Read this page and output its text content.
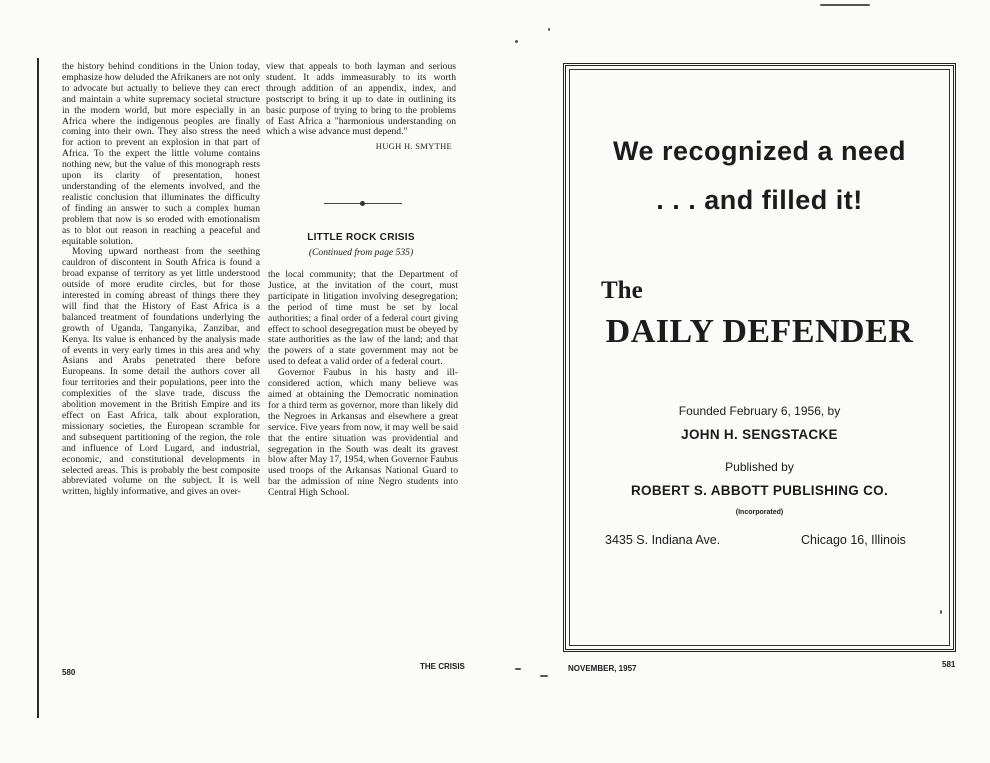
the history behind conditions in the Union today, emphasize how deluded the Afrikaners are not only to advocate but actually to believe they can erect and maintain a white supremacy societal structure in the modern world, but more especially in an Africa where the indigenous peoples are finally coming into their own. They also stress the need for action to prevent an explosion in that part of Africa. To the expert the little volume contains nothing new, but the value of this monograph rests upon its clarity of presentation, honest understanding of the elements involved, and the realistic conclusion that illuminates the difficulty of finding an answer to such a complex human problem that now is so eroded with emotionalism as to blot out reason in reaching a peaceful and equitable solution.

Moving upward northeast from the seething cauldron of discontent in South Africa is found a broad expanse of territory as yet little understood outside of more erudite circles, but for those interested in coming abreast of things there they will find that the History of East Africa is a balanced treatment of foundations underlying the growth of Uganda, Tanganyika, Zanzibar, and Kenya. Its value is enhanced by the analysis made of events in very early times in this area and why Asians and Arabs penetrated there before Europeans. In some detail the authors cover all four territories and their populations, peer into the complexities of the slave trade, discuss the abolition movement in the British Empire and its effect on East Africa, talk about exploration, missionary societies, the European scramble for and subsequent partitioning of the region, the role and influence of Lord Lugard, and industrial, economic, and constitutional developments in selected areas. This is probably the best composite abbreviated volume on the subject. It is well written, highly informative, and gives an over-

view that appeals to both layman and serious student. It adds immeasurably to its worth through addition of an appendix, index, and postscript to bring it up to date in outlining its basic purpose of trying to bring to the problems of East Africa a "harmonious understanding on which a wise advance must depend."

HUGH H. SMYTHE

LITTLE ROCK CRISIS
(Continued from page 535)

the local community; that the Department of Justice, at the invitation of the court, must participate in litigation involving desegregation; the period of time must be set by local authorities; a final order of a federal court giving effect to school desegregation must be obeyed by state authorities as the law of the land; and that the powers of a state government may not be used to defeat a valid order of a federal court.

Governor Faubus in his hasty and ill-considered action, which many believe was aimed at obtaining the Democratic nomination for a third term as governor, more than likely did the Negroes in Arkansas and elsewhere a great service. Five years from now, it may well be said that the entire situation was providential and segregation in the South was dealt its gravest blow after May 17, 1954, when Governor Faubus used troops of the Arkansas National Guard to bar the admission of nine Negro students into Central High School.

580
THE CRISIS
We recognized a need
. . . and filled it!
The
DAILY DEFENDER
Founded February 6, 1956, by
JOHN H. SENGSTACKE
Published by
ROBERT S. ABBOTT PUBLISHING CO.
(Incorporated)
3435 S. Indiana Ave.	Chicago 16, Illinois
NOVEMBER, 1957	581
